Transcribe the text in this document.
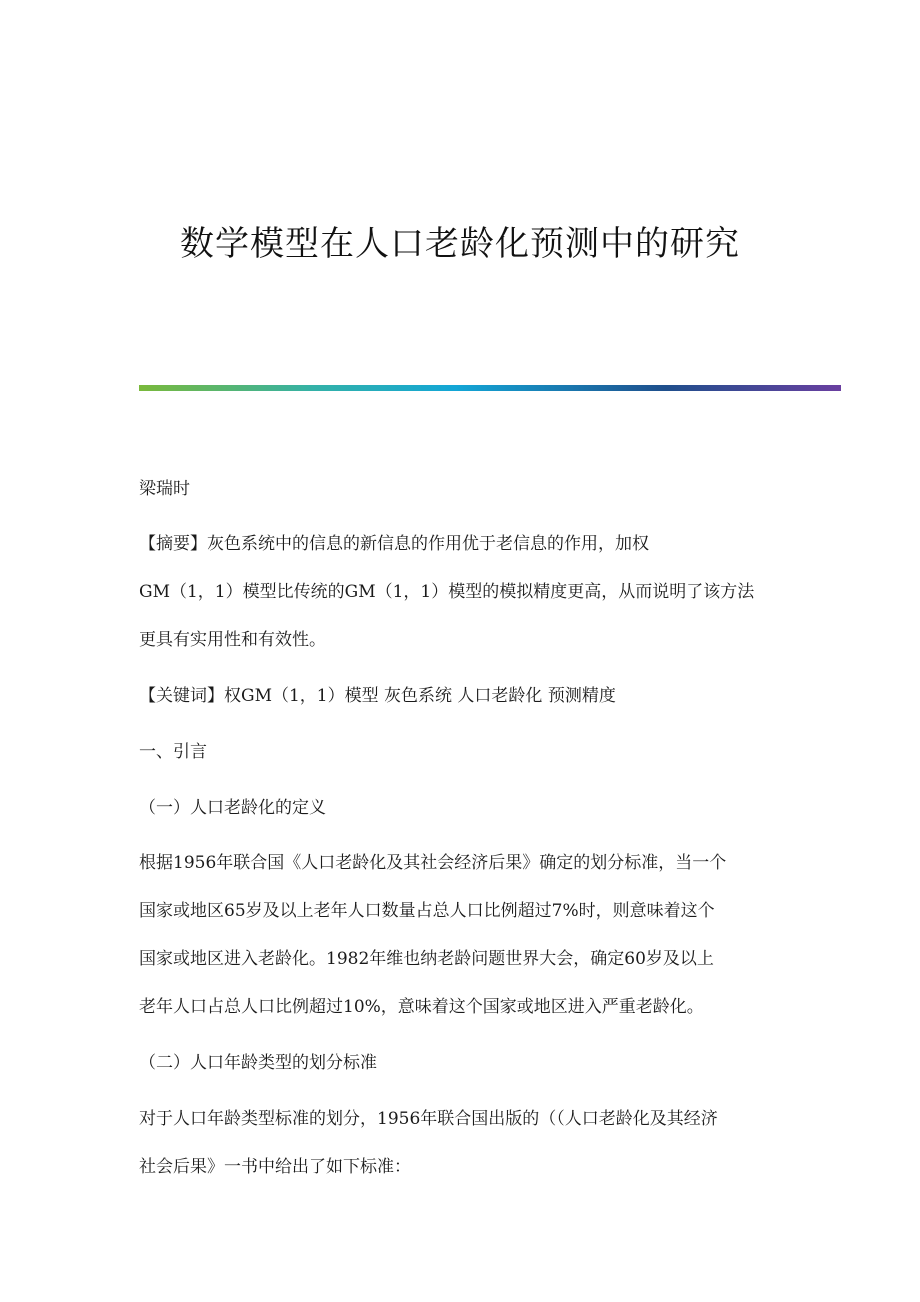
数学模型在人口老龄化预测中的研究
梁瑞时
【摘要】灰色系统中的信息的新信息的作用优于老信息的作用，加权
GM（1，1）模型比传统的GM（1，1）模型的模拟精度更高，从而说明了该方法
更具有实用性和有效性。
【关键词】权GM（1，1）模型 灰色系统 人口老龄化 预测精度
一、引言
（一）人口老龄化的定义
根据1956年联合国《人口老龄化及其社会经济后果》确定的划分标准，当一个
国家或地区65岁及以上老年人口数量占总人口比例超过7%时，则意味着这个
国家或地区进入老龄化。1982年维也纳老龄问题世界大会，确定60岁及以上
老年人口占总人口比例超过10%，意味着这个国家或地区进入严重老龄化。
（二）人口年龄类型的划分标准
对于人口年龄类型标准的划分，1956年联合国出版的（（人口老龄化及其经济
社会后果》一书中给出了如下标准：
